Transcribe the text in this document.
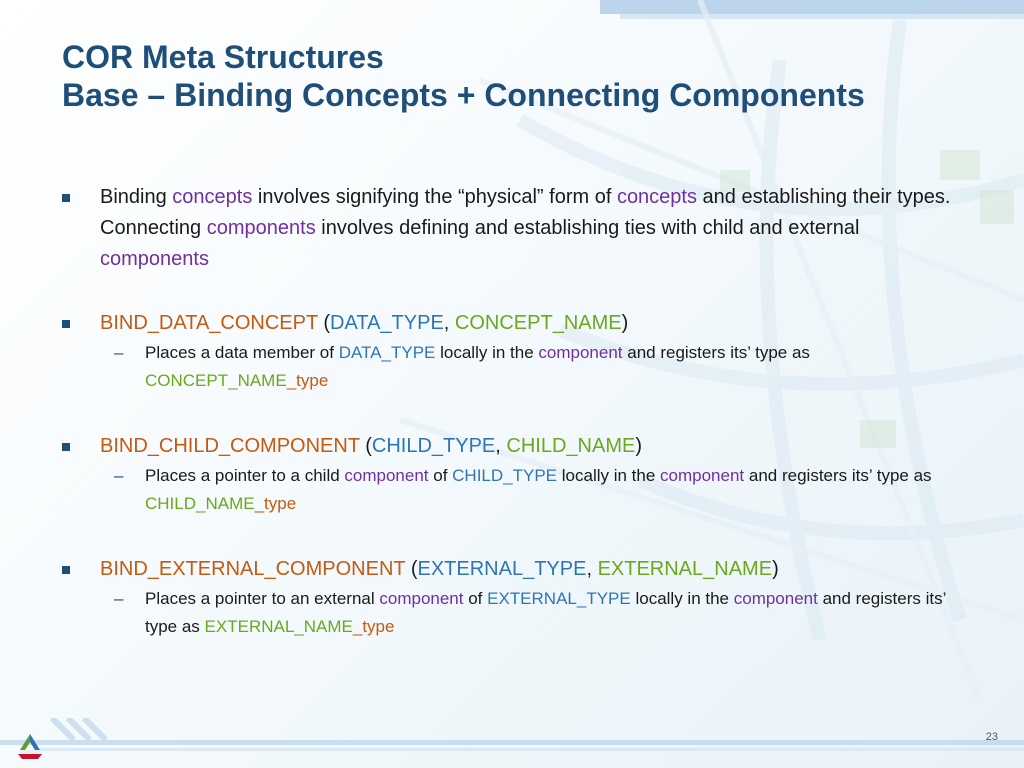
COR Meta Structures
Base – Binding Concepts + Connecting Components
Binding concepts involves signifying the “physical” form of concepts and establishing their types. Connecting components involves defining and establishing ties with child and external components
BIND_DATA_CONCEPT (DATA_TYPE, CONCEPT_NAME)
– Places a data member of DATA_TYPE locally in the component and registers its’ type as CONCEPT_NAME_type
BIND_CHILD_COMPONENT (CHILD_TYPE, CHILD_NAME)
– Places a pointer to a child component of CHILD_TYPE locally in the component and registers its’ type as CHILD_NAME_type
BIND_EXTERNAL_COMPONENT (EXTERNAL_TYPE, EXTERNAL_NAME)
– Places a pointer to an external component of EXTERNAL_TYPE locally in the component and registers its’ type as EXTERNAL_NAME_type
23
